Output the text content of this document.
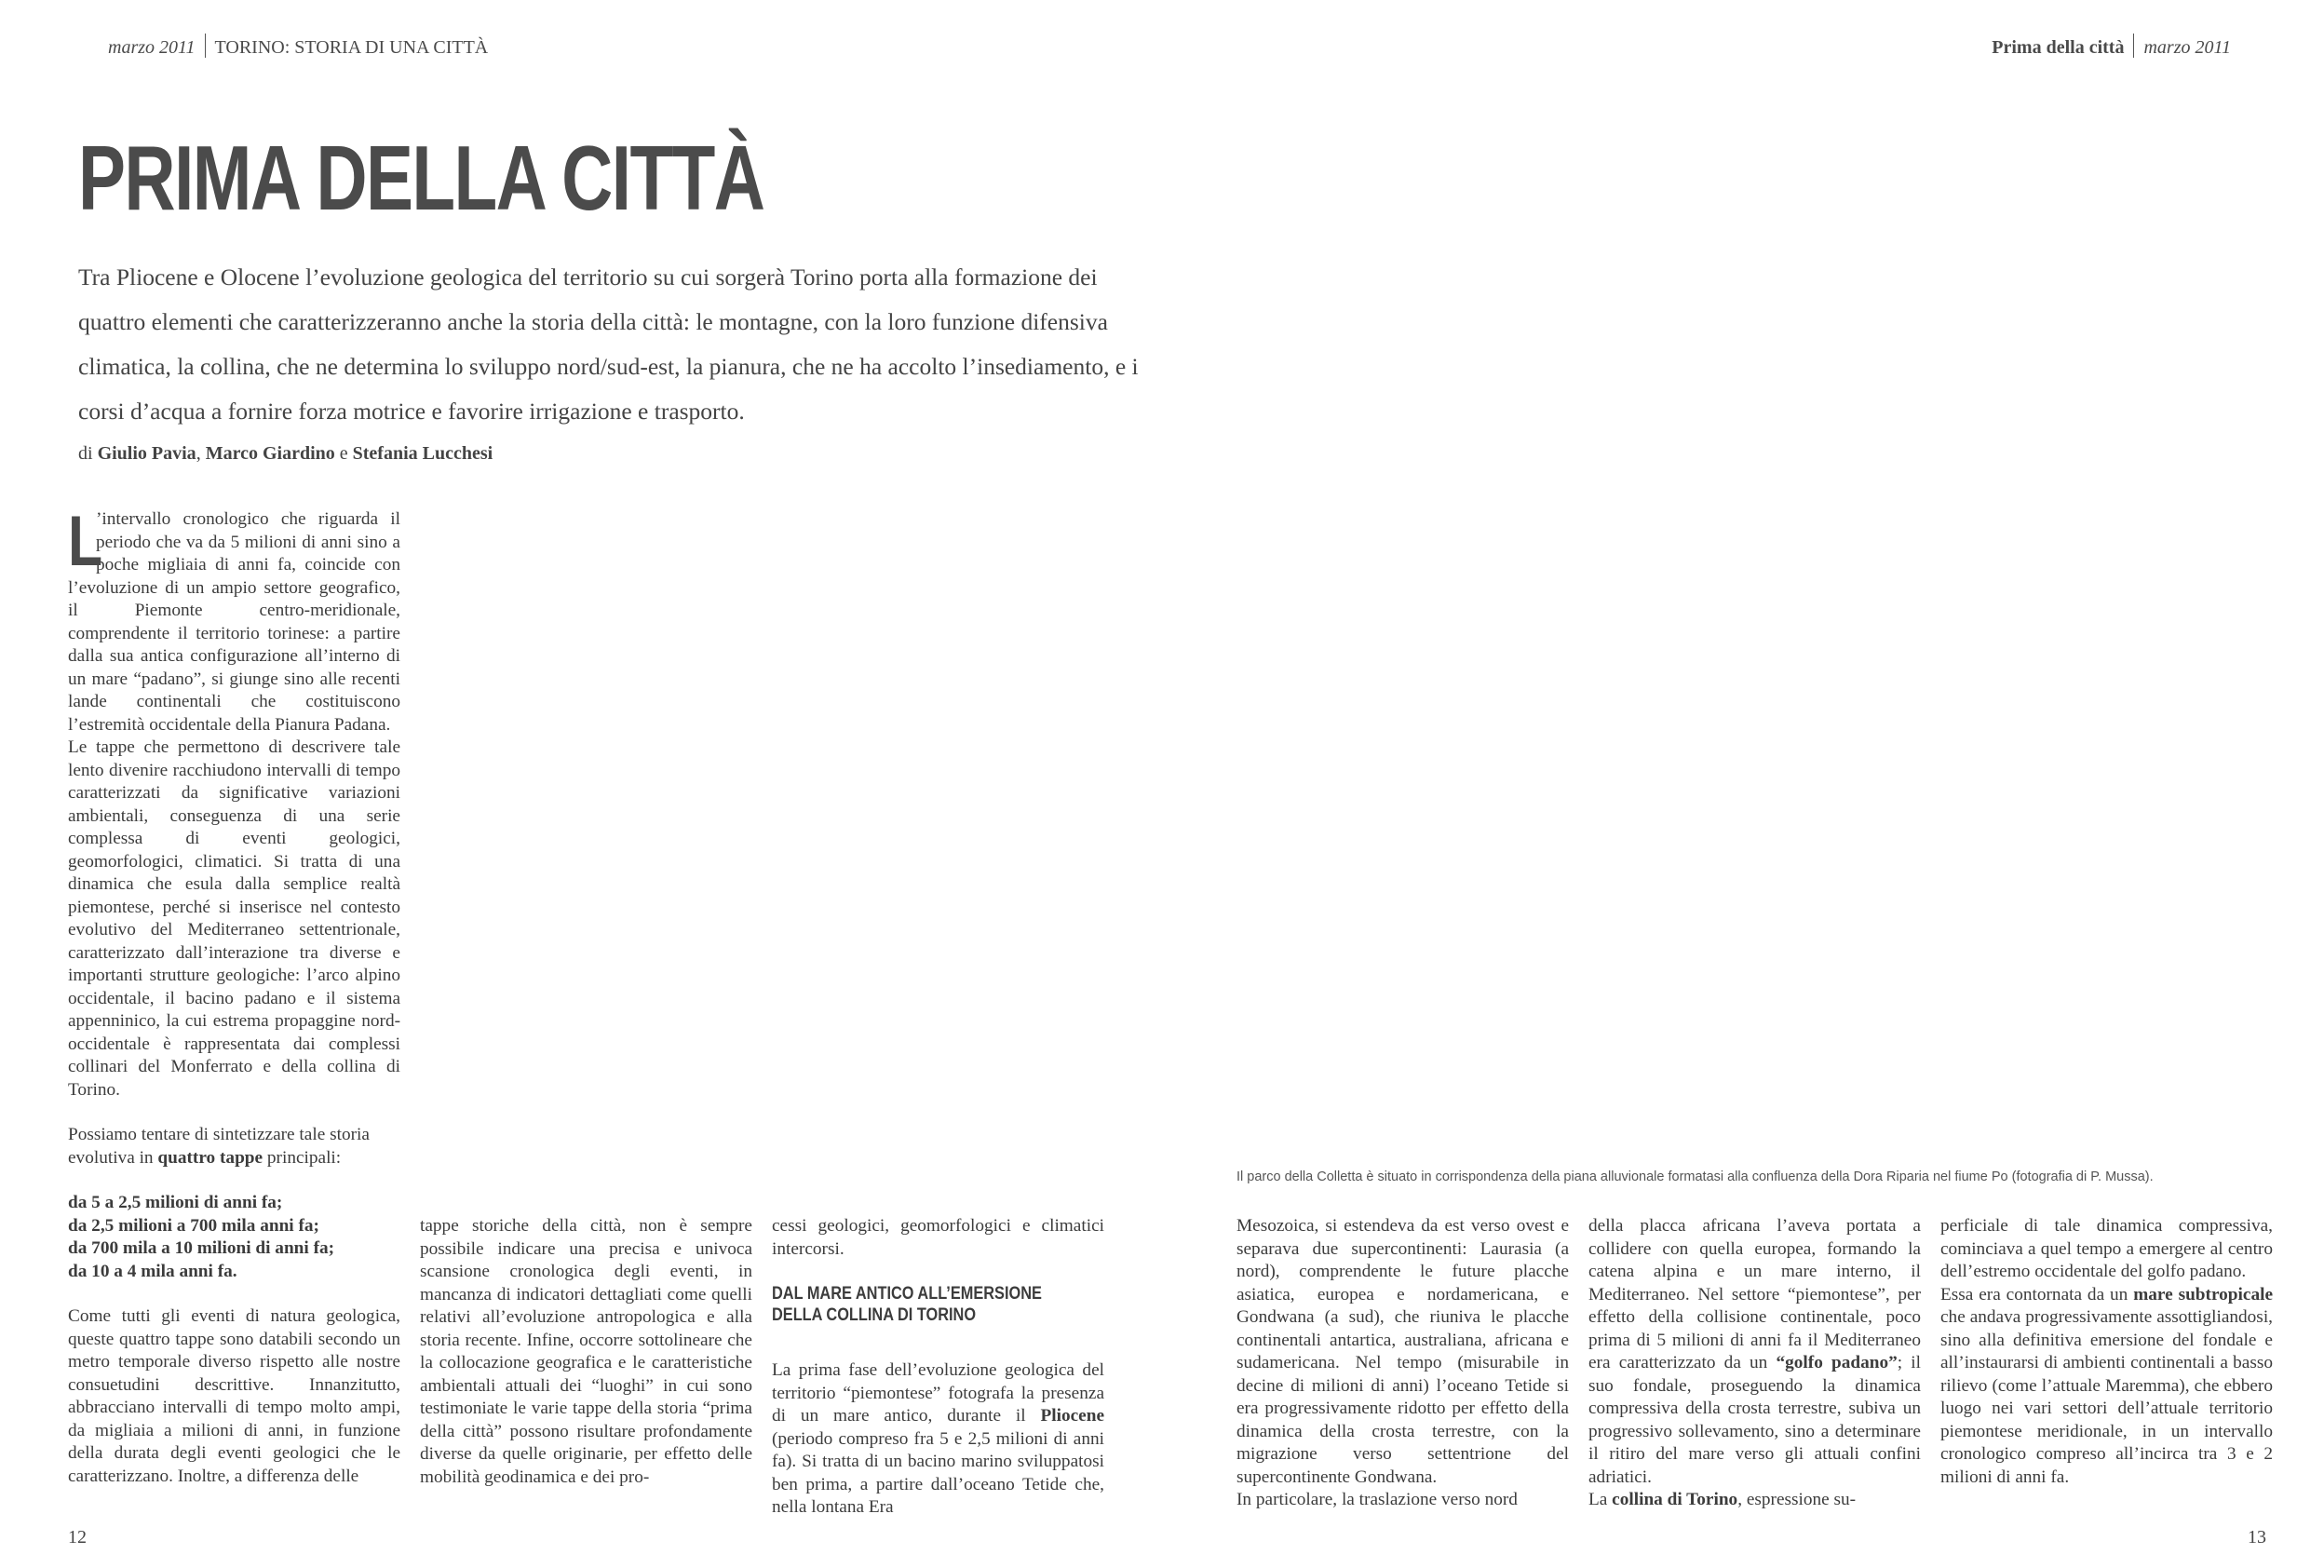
marzo 2011 TORINO: STORIA DI UNA CITTÀ	Prima della città marzo 2011
PRIMA DELLA CITTÀ

Tra Pliocene e Olocene l’evoluzione geologica del territorio su cui sorgerà Torino porta alla formazione dei quattro elementi che caratterizzeranno anche la storia della città: le montagne, con la loro funzione difensiva climatica, la collina, che ne determina lo sviluppo nord/sud-est, la pianura, che ne ha accolto l’insediamento, e i corsi d’acqua a fornire forza motrice e favorire irrigazione e trasporto.

di Giulio Pavia, Marco Giardino e Stefania Lucchesi

L
’intervallo cronologico che riguarda il periodo che va da 5 milioni di anni sino a poche migliaia di anni fa, coincide con l’evoluzione di un ampio settore geografico, il Piemonte centro-meridionale, comprendente il territorio torinese: a partire dalla sua antica configurazione all’interno di un mare “padano”, si giunge sino alle recenti lande continentali che costituiscono l’estremità occidentale della Pianura Padana.

Le tappe che permettono di descrivere tale lento divenire racchiudono intervalli di tempo caratterizzati da significative variazioni ambientali, conseguenza di una serie complessa di eventi geologici, geomorfologici, climatici. Si tratta di una dinamica che esula dalla semplice realtà piemontese, perché si inserisce nel contesto evolutivo del Mediterraneo settentrionale, caratterizzato dall’interazione tra diverse e importanti strutture geologiche: l’arco alpino occidentale, il bacino padano e il sistema appenninico, la cui estrema propaggine nord-occidentale è rappresentata dai complessi collinari del Monferrato e della collina di Torino.

Possiamo tentare di sintetizzare tale storia evolutiva in quattro tappe principali:

da 5 a 2,5 milioni di anni fa;
da 2,5 milioni a 700 mila anni fa;
da 700 mila a 10 milioni di anni fa;
da 10 a 4 mila anni fa.

Come tutti gli eventi di natura geologica, queste quattro tappe sono databili secondo un metro temporale diverso rispetto alle nostre consuetudini descrittive. Innanzitutto, abbracciano intervalli di tempo molto ampi, da migliaia a milioni di anni, in funzione della durata degli eventi geologici che le caratterizzano. Inoltre, a differenza delle

tappe storiche della città, non è sempre possibile indicare una precisa e univoca scansione cronologica degli eventi, in mancanza di indicatori dettagliati come quelli relativi all’evoluzione antropologica e alla storia recente. Infine, occorre sottolineare che la collocazione geografica e le caratteristiche ambientali attuali dei “luoghi” in cui sono testimoniate le varie tappe della storia “prima della città” possono risultare profondamente diverse da quelle originarie, per effetto delle mobilità geodinamica e dei pro-

cessi geologici, geomorfologici e climatici intercorsi.

DAL MARE ANTICO ALL’EMERSIONE
DELLA COLLINA DI TORINO

La prima fase dell’evoluzione geologica del territorio “piemontese” fotografa la presenza di un mare antico, durante il Pliocene (periodo compreso fra 5 e 2,5 milioni di anni fa). Si tratta di un bacino marino sviluppatosi ben prima, a partire dall’oceano Tetide che, nella lontana Era

Il parco della Colletta è situato in corrispondenza della piana alluvionale formatasi alla confluenza della Dora Riparia nel fiume Po (fotografia di P. Mussa).

Mesozoica, si estendeva da est verso ovest e separava due supercontinenti: Laurasia (a nord), comprendente le future placche asiatica, europea e nordamericana, e Gondwana (a sud), che riuniva le placche continentali antartica, australiana, africana e sudamericana. Nel tempo (misurabile in decine di milioni di anni) l’oceano Tetide si era progressivamente ridotto per effetto della dinamica della crosta terrestre, con la migrazione verso settentrione del supercontinente Gondwana.

In particolare, la traslazione verso nord

della placca africana l’aveva portata a collidere con quella europea, formando la catena alpina e un mare interno, il Mediterraneo. Nel settore “piemontese”, per effetto della collisione continentale, poco prima di 5 milioni di anni fa il Mediterraneo era caratterizzato da un “golfo padano”; il suo fondale, proseguendo la dinamica compressiva della crosta terrestre, subiva un progressivo sollevamento, sino a determinare il ritiro del mare verso gli attuali confini adriatici.

La collina di Torino, espressione su-

perficiale di tale dinamica compressiva, cominciava a quel tempo a emergere al centro dell’estremo occidentale del golfo padano.

Essa era contornata da un mare subtropicale che andava progressivamente assottigliandosi, sino alla definitiva emersione del fondale e all’instaurarsi di ambienti continentali a basso rilievo (come l’attuale Maremma), che ebbero luogo nei vari settori dell’attuale territorio piemontese meridionale, in un intervallo cronologico compreso all’incirca tra 3 e 2 milioni di anni fa.

12	13
